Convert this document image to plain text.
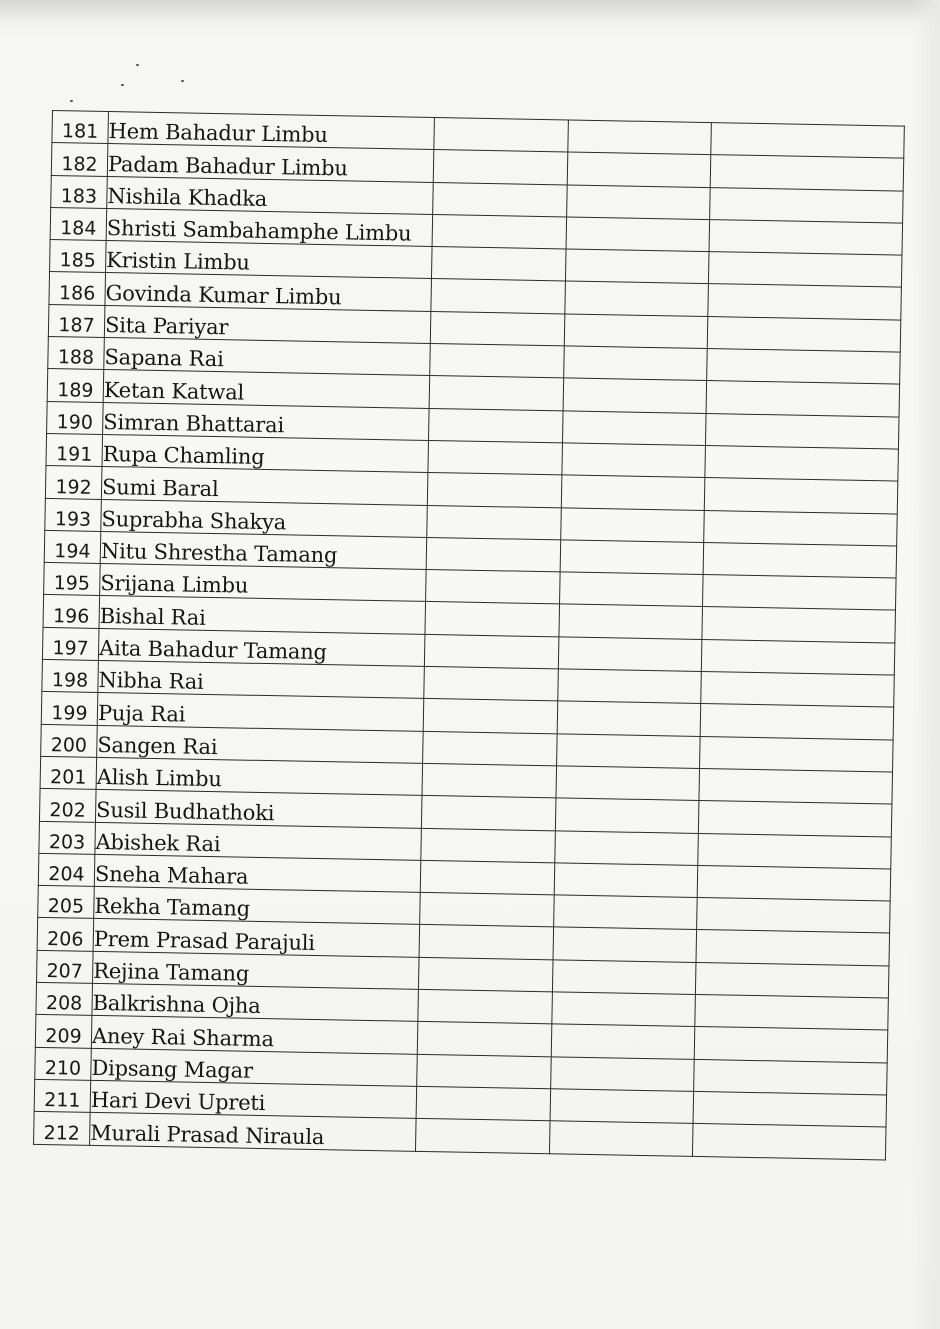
181	Hem Bahadur Limbu			
182	Padam Bahadur Limbu			
183	Nishila Khadka			
184	Shristi Sambahamphe Limbu			
185	Kristin Limbu			
186	Govinda Kumar Limbu			
187	Sita Pariyar			
188	Sapana Rai			
189	Ketan Katwal			
190	Simran Bhattarai			
191	Rupa Chamling			
192	Sumi Baral			
193	Suprabha Shakya			
194	Nitu Shrestha Tamang			
195	Srijana Limbu			
196	Bishal Rai			
197	Aita Bahadur Tamang			
198	Nibha Rai			
199	Puja Rai			
200	Sangen Rai			
201	Alish Limbu			
202	Susil Budhathoki			
203	Abishek Rai			
204	Sneha Mahara			
205	Rekha Tamang			
206	Prem Prasad Parajuli			
207	Rejina Tamang			
208	Balkrishna Ojha			
209	Aney Rai Sharma			
210	Dipsang Magar			
211	Hari Devi Upreti			
212	Murali Prasad Niraula			
